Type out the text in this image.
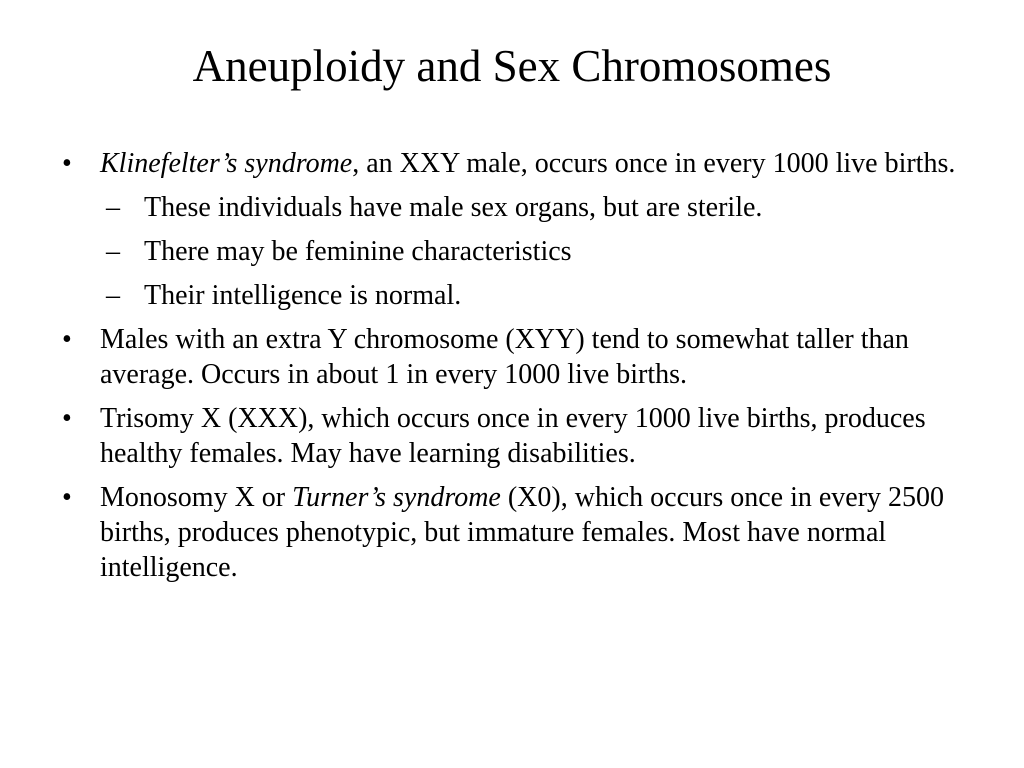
Aneuploidy and Sex Chromosomes
•	Klinefelter’s syndrome, an XXY male, occurs once in every 1000 live births.
– These individuals have male sex organs, but are sterile.
– There may be feminine characteristics
– Their intelligence is normal.
•	Males with an extra Y chromosome (XYY) tend to somewhat taller than average. Occurs in about 1 in every 1000 live births.
•	Trisomy X (XXX), which occurs once in every 1000 live births, produces healthy females. May have learning disabilities.
•	Monosomy X or Turner’s syndrome (X0), which occurs once in every 2500 births, produces phenotypic, but immature females. Most have normal intelligence.
